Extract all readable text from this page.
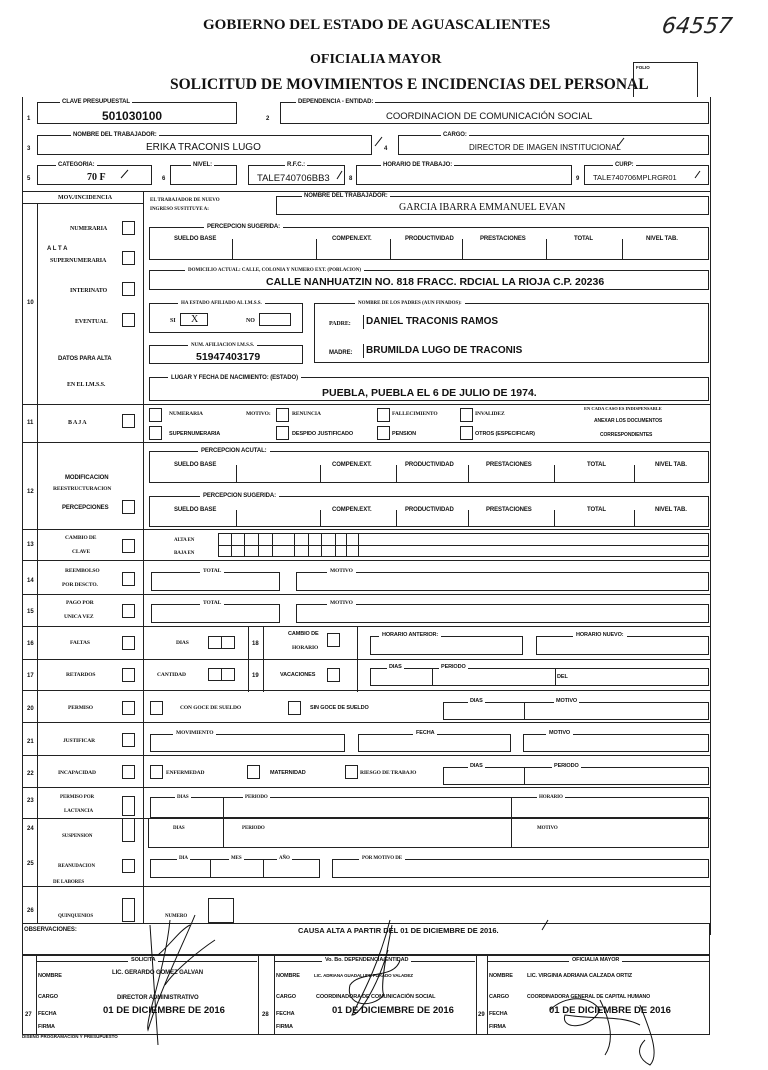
GOBIERNO DEL ESTADO DE AGUASCALIENTES	64557
OFICIALIA MAYOR
SOLICITUD DE MOVIMIENTOS E INCIDENCIAS DEL PERSONAL
FOLIO
1
CLAVE PRESUPUESTAL
501030100	2
DEPENDENCIA - ENTIDAD:
COORDINACION DE COMUNICACIÓN SOCIAL
3
NOMBRE DEL TRABAJADOR:
ERIKA TRACONIS LUGO	4
CARGO:
DIRECTOR DE IMAGEN INSTITUCIONAL
5
CATEGORIA:
70 F	6
NIVEL:	R.F.C.:
TALE740706BB3	8
HORARIO DE TRABAJO:
9
CURP:
TALE740706MPLRGR01
MOV./INCIDENCIA
10
A L T A
NUMERARIA
SUPERNUMERARIA
INTERINATO
EVENTUAL
DATOS PARA ALTA
EN EL I.M.S.S.
EL TRABAJADOR DE NUEVO
INGRESO SUSTITUYE A:
NOMBRE DEL TRABAJADOR:
GARCIA IBARRA EMMANUEL EVAN
PERCEPCION SUGERIDA:
SUELDO BASE	COMPEN.EXT.	PRODUCTIVIDAD	PRESTACIONES	TOTAL	NIVEL TAB.
DOMICILIO ACTUAL: CALLE, COLONIA Y NUMERO EXT. (POBLACION)
CALLE NANHUATZIN NO. 818 FRACC. RDCIAL LA RIOJA C.P. 20236
HA ESTADO AFILIADO AL I.M.S.S.
SI X	NO
NOMBRE DE LOS PADRES (AUN FINADOS):
PADRE: DANIEL TRACONIS RAMOS
MADRE: BRUMILDA LUGO DE TRACONIS
NUM. AFILIACION I.M.S.S.
51947403179
LUGAR Y FECHA DE NACIMIENTO: (ESTADO)
PUEBLA, PUEBLA EL 6 DE JULIO DE 1974.
11	B A J A
NUMERARIA
SUPERNUMERARIA
MOTIVO:	RENUNCIA
DESPIDO JUSTIFICADO
FALLECIMIENTO
PENSION
INVALIDEZ
OTROS (ESPECIFICAR)
EN CADA CASO ES INDISPENSABLE
ANEXAR LOS DOCUMENTOS
CORRESPONDIENTES
12
MODIFICACION
REESTRUCTURACION
PERCEPCIONES
PERCEPCION ACUTAL:
SUELDO BASE	COMPEN.EXT.	PRODUCTIVIDAD	PRESTACIONES	TOTAL	NIVEL TAB.
PERCEPCION SUGERIDA:
SUELDO BASE	COMPEN.EXT.	PRODUCTIVIDAD	PRESTACIONES	TOTAL	NIVEL TAB.
13
CAMBIO DE
CLAVE
ALTA EN
BAJA EN
14
REEMBOLSO
POR DESCTO.
TOTAL	MOTIVO
15
PAGO POR
UNICA VEZ
TOTAL	MOTIVO
16	FALTAS	DIAS	18
CAMBIO DE
HORARIO
HORARIO ANTERIOR:	HORARIO NUEVO:
17	RETARDOS	CANTIDAD	19	VACACIONES
DIAS	PERIODO
DEL
20	PERMISO	CON GOCE DE SUELDO	SIN GOCE DE SUELDO
DIAS	MOTIVO
21	JUSTIFICAR
MOVIMIENTO	FECHA	MOTIVO
22	INCAPACIDAD	ENFERMEDAD	MATERNIDAD	RIESGO DE TRABAJO
DIAS	PERIODO
23
PERMISO POR
LACTANCIA
DIAS	PERIODO	HORARIO
24
SUSPENSION
DIAS	PERIODO	MOTIVO
25	REANUDACION
DE LABORES
DIA	MES	AÑO	POR MOTIVO DE
26
QUINQUENIOS	NUMERO
OBSERVACIONES:	CAUSA ALTA A PARTIR DEL 01 DE DICIEMBRE DE 2016.
SOLICITA
NOMBRE	LIC. GERARDO GOMEZ GALVAN
CARGO	DIRECTOR ADMINISTRATIVO
27 FECHA	01 DE DICIEMBRE DE 2016
FIRMA
Vo. Bo. DEPENDENCIA/ENTIDAD
NOMBRE	LIC. ADRIANA GUADALUPE FURADO VALADEZ
CARGO	COORDINADORA DE COMUNICACIÓN SOCIAL
28 FECHA	01 DE DICIEMBRE DE 2016
FIRMA
OFICIALIA MAYOR
NOMBRE	LIC. VIRGINIA ADRIANA CALZADA ORTIZ
CARGO	COORDINADORA GENERAL DE CAPITAL HUMANO
29 FECHA	01 DE DICIEMBRE DE 2016
FIRMA
DISEÑO PROGRAMACION Y PRESUPUESTO
